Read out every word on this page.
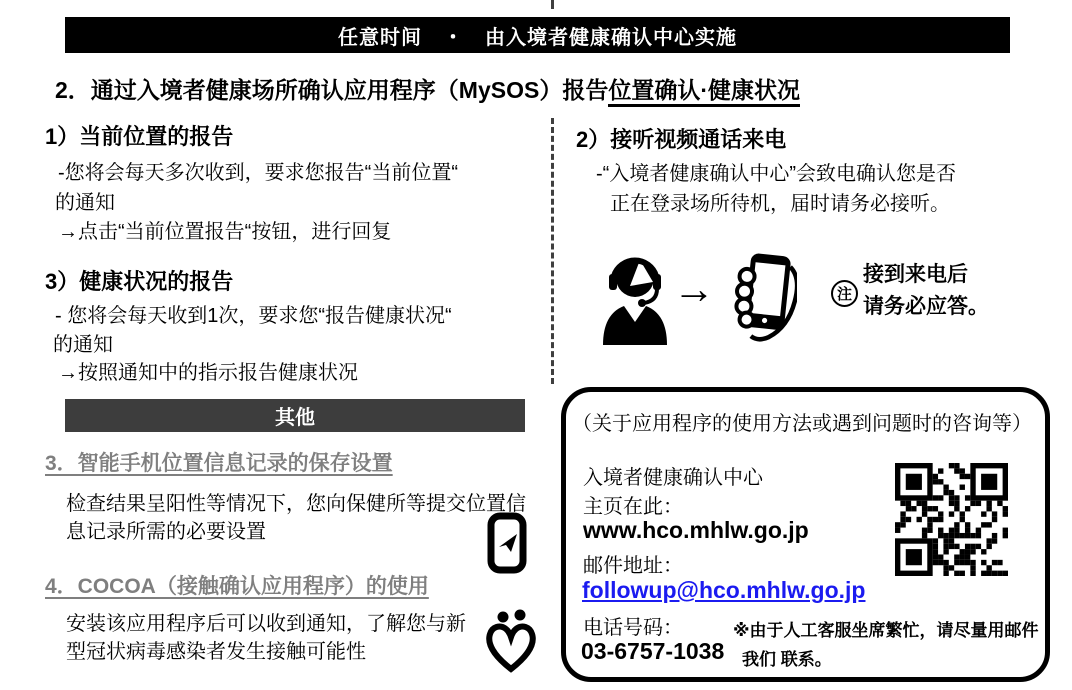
任意时间　・　由入境者健康确认中心实施
2．通过入境者健康场所确认应用程序（MySOS）报告位置确认·健康状况
1）当前位置的报告
-您将会每天多次收到，要求您报告“当前位置“
的通知
→点击“当前位置报告“按钮，进行回复
3）健康状况的报告
- 您将会每天收到1次，要求您“报告健康状况“
的通知
→按照通知中的指示报告健康状况
其他
3．智能手机位置信息记录的保存设置
检查结果呈阳性等情况下，您向保健所等提交位置信
息记录所需的必要设置
4．COCOA（接触确认应用程序）的使用
安装该应用程序后可以收到通知，了解您与新
型冠状病毒感染者发生接触可能性
2）接听视频通话来电
-“入境者健康确认中心”会致电确认您是否
正在登录场所待机，届时请务必接听。
→	注
接到来电后
请务必应答。
（关于应用程序的使用方法或遇到问题时的咨询等）
入境者健康确认中心
主页在此：
www.hco.mhlw.go.jp
邮件地址：
followup@hco.mhlw.go.jp
电话号码：	※由于人工客服坐席繁忙，请尽量用邮件
03-6757-1038 我们 联系。
